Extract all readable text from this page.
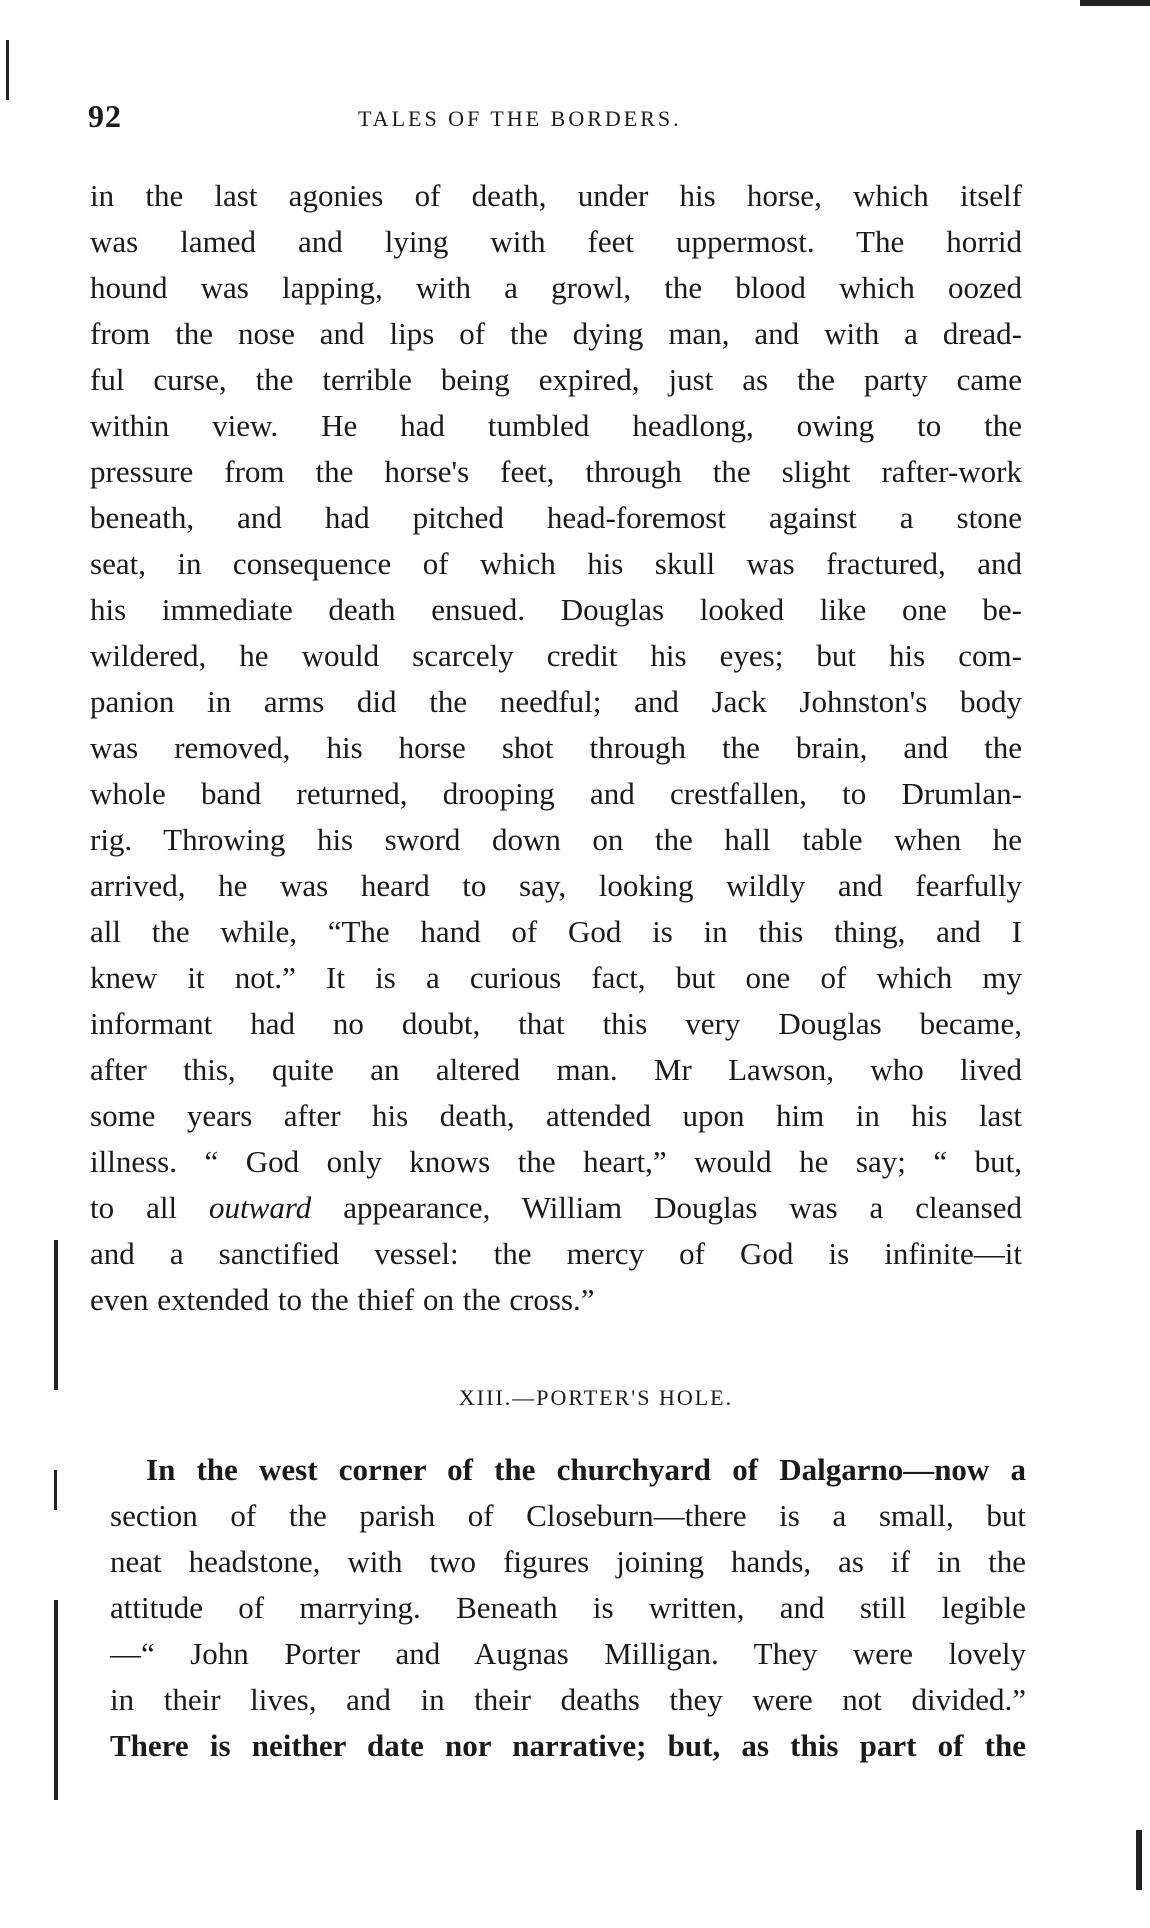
92	TALES OF THE BORDERS.
in the last agonies of death, under his horse, which itself
was lamed and lying with feet uppermost. The horrid
hound was lapping, with a growl, the blood which oozed
from the nose and lips of the dying man, and with a dread-
ful curse, the terrible being expired, just as the party came
within view. He had tumbled headlong, owing to the
pressure from the horse's feet, through the slight rafter-work
beneath, and had pitched head-foremost against a stone
seat, in consequence of which his skull was fractured, and
his immediate death ensued. Douglas looked like one be-
wildered, he would scarcely credit his eyes; but his com-
panion in arms did the needful; and Jack Johnston's body
was removed, his horse shot through the brain, and the
whole band returned, drooping and crestfallen, to Drumlan-
rig. Throwing his sword down on the hall table when he
arrived, he was heard to say, looking wildly and fearfully
all the while, “The hand of God is in this thing, and I
knew it not.” It is a curious fact, but one of which my
informant had no doubt, that this very Douglas became,
after this, quite an altered man. Mr Lawson, who lived
some years after his death, attended upon him in his last
illness. “ God only knows the heart,” would he say; “ but,
to all outward appearance, William Douglas was a cleansed
and a sanctified vessel: the mercy of God is infinite—it
even extended to the thief on the cross.”
XIII.—PORTER'S HOLE.
In the west corner of the churchyard of Dalgarno—now a
section of the parish of Closeburn—there is a small, but
neat headstone, with two figures joining hands, as if in the
attitude of marrying. Beneath is written, and still legible
—“ John Porter and Augnas Milligan. They were lovely
in their lives, and in their deaths they were not divided.”
There is neither date nor narrative; but, as this part of the
